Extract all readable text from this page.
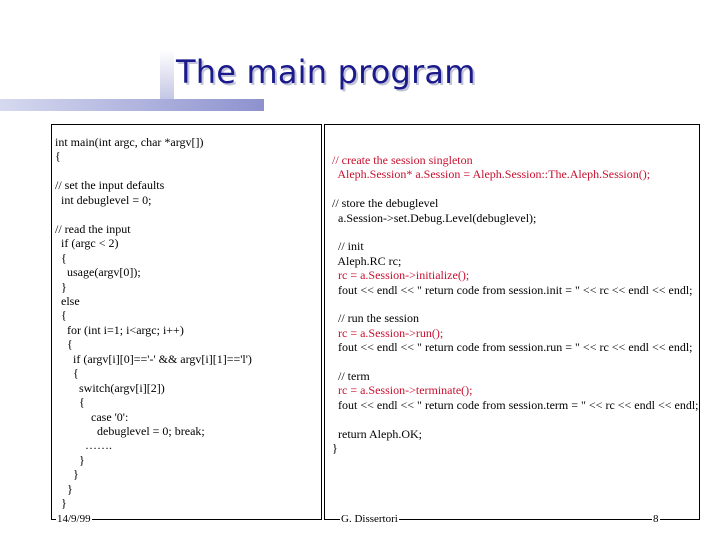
The main program
int main(int argc, char *argv[])
{
// set the input defaults
int debuglevel = 0;
// read the input
if (argc < 2)
{
usage(argv[0]);
}
else
{
for (int i=1; i<argc; i++)
{
if (argv[i][0]=='-' && argv[i][1]=='l')
{
switch(argv[i][2])
{
case '0':
debuglevel = 0; break;
…….
}
}
}
}
// create the session singleton
Aleph.Session* a.Session = Aleph.Session::The.Aleph.Session();
// store the debuglevel
a.Session->set.Debug.Level(debuglevel);
// init
Aleph.RC rc;
rc = a.Session->initialize();
fout << endl << " return code from session.init = " << rc << endl << endl;
// run the session
rc = a.Session->run();
fout << endl << " return code from session.run = " << rc << endl << endl;
// term
rc = a.Session->terminate();
fout << endl << " return code from session.term = " << rc << endl << endl;
return Aleph.OK;
}
14/9/99	G. Dissertori	8
